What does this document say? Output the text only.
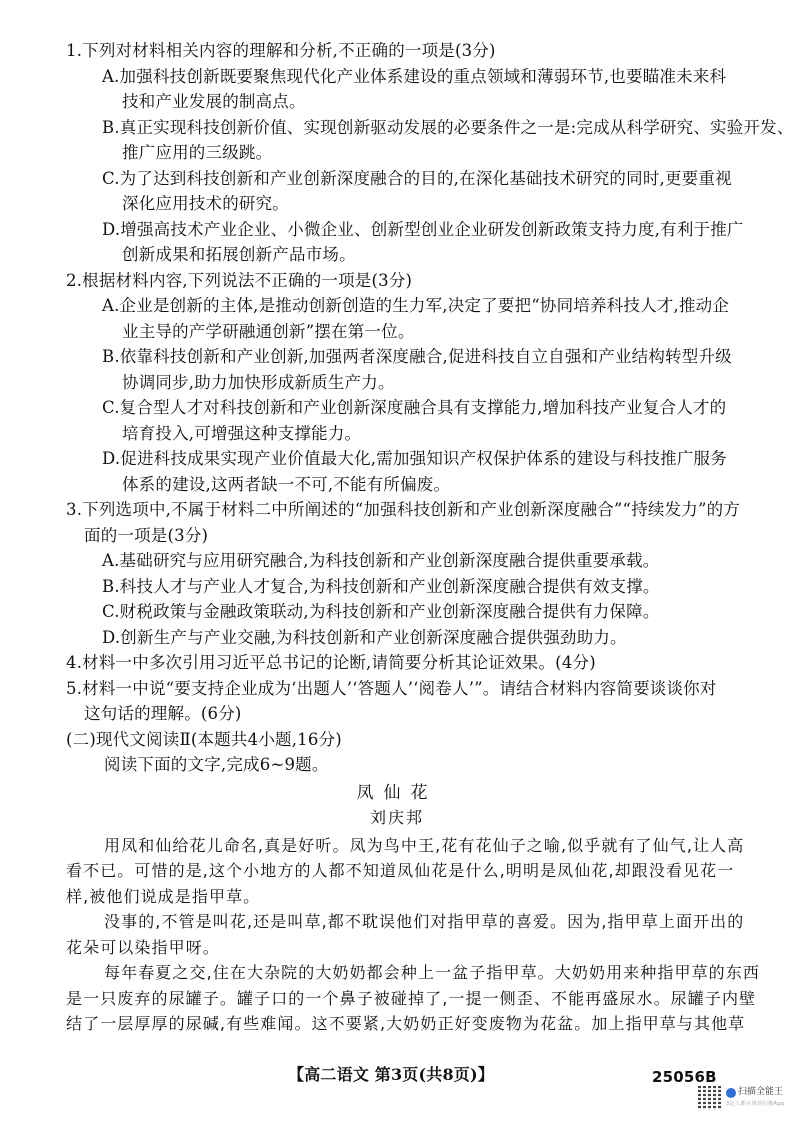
1.下列对材料相关内容的理解和分析,不正确的一项是(3分)
A.加强科技创新既要聚焦现代化产业体系建设的重点领域和薄弱环节,也要瞄准未来科
技和产业发展的制高点。
B.真正实现科技创新价值、实现创新驱动发展的必要条件之一是:完成从科学研究、实验开发、
推广应用的三级跳。
C.为了达到科技创新和产业创新深度融合的目的,在深化基础技术研究的同时,更要重视
深化应用技术的研究。
D.增强高技术产业企业、小微企业、创新型创业企业研发创新政策支持力度,有利于推广
创新成果和拓展创新产品市场。
2.根据材料内容,下列说法不正确的一项是(3分)
A.企业是创新的主体,是推动创新创造的生力军,决定了要把“协同培养科技人才,推动企
业主导的产学研融通创新”摆在第一位。
B.依靠科技创新和产业创新,加强两者深度融合,促进科技自立自强和产业结构转型升级
协调同步,助力加快形成新质生产力。
C.复合型人才对科技创新和产业创新深度融合具有支撑能力,增加科技产业复合人才的
培育投入,可增强这种支撑能力。
D.促进科技成果实现产业价值最大化,需加强知识产权保护体系的建设与科技推广服务
体系的建设,这两者缺一不可,不能有所偏废。
3.下列选项中,不属于材料二中所阐述的“加强科技创新和产业创新深度融合”“持续发力”的方
面的一项是(3分)
A.基础研究与应用研究融合,为科技创新和产业创新深度融合提供重要承载。
B.科技人才与产业人才复合,为科技创新和产业创新深度融合提供有效支撑。
C.财税政策与金融政策联动,为科技创新和产业创新深度融合提供有力保障。
D.创新生产与产业交融,为科技创新和产业创新深度融合提供强劲助力。
4.材料一中多次引用习近平总书记的论断,请简要分析其论证效果。(4分)
5.材料一中说“要支持企业成为‘出题人’‘答题人’‘阅卷人’”。请结合材料内容简要谈谈你对
这句话的理解。(6分)
(二)现代文阅读Ⅱ(本题共4小题,16分)
阅读下面的文字,完成6~9题。
凤仙花
刘庆邦
用凤和仙给花儿命名,真是好听。凤为鸟中王,花有花仙子之喻,似乎就有了仙气,让人高
看不已。可惜的是,这个小地方的人都不知道凤仙花是什么,明明是凤仙花,却跟没看见花一
样,被他们说成是指甲草。
没事的,不管是叫花,还是叫草,都不耽误他们对指甲草的喜爱。因为,指甲草上面开出的
花朵可以染指甲呀。
每年春夏之交,住在大杂院的大奶奶都会种上一盆子指甲草。大奶奶用来种指甲草的东西
是一只废弃的尿罐子。罐子口的一个鼻子被碰掉了,一提一侧歪、不能再盛尿水。尿罐子内壁
结了一层厚厚的尿碱,有些难闻。这不要紧,大奶奶正好变废物为花盆。加上指甲草与其他草
【高二语文 第3页(共8页)】	25056B
扫描全能王
3亿人都在用的扫描App
